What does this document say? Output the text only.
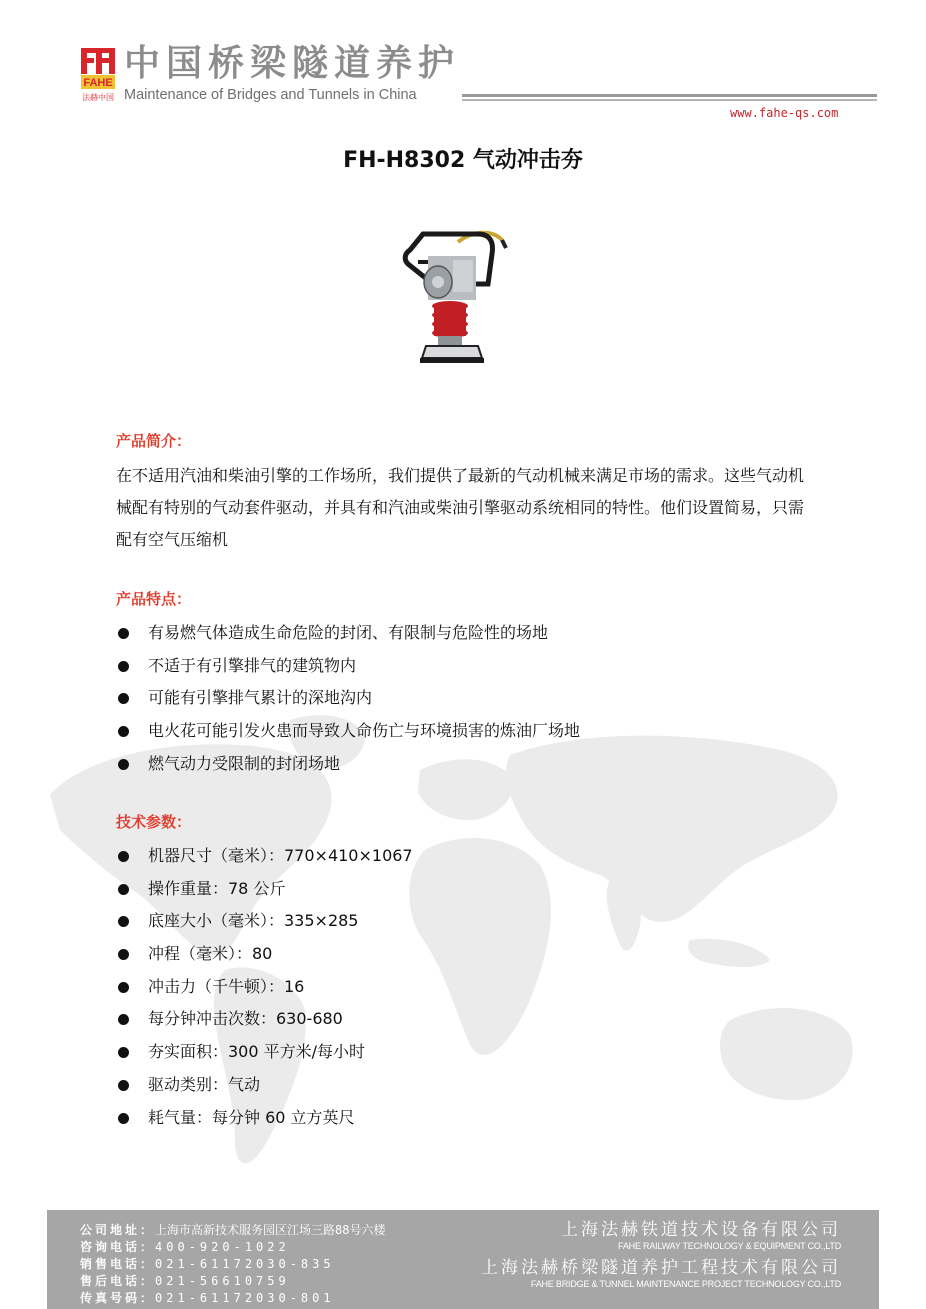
FAHE
法赫中国
中国桥梁隧道养护
Maintenance of Bridges and Tunnels in China
www.fahe-qs.com
FH-H8302 气动冲击夯
产品简介：
在不适用汽油和柴油引擎的工作场所，我们提供了最新的气动机械来满足市场的需求。这些气动机械配有特别的气动套件驱动，并具有和汽油或柴油引擎驱动系统相同的特性。他们设置简易，只需配有空气压缩机
产品特点：
有易燃气体造成生命危险的封闭、有限制与危险性的场地
不适于有引擎排气的建筑物内
可能有引擎排气累计的深地沟内
电火花可能引发火患而导致人命伤亡与环境损害的炼油厂场地
燃气动力受限制的封闭场地
技术参数：
机器尺寸（毫米）：770×410×1067
操作重量：78 公斤
底座大小（毫米）：335×285
冲程（毫米）：80
冲击力（千牛顿）：16
每分钟冲击次数：630-680
夯实面积：300 平方米/每小时
驱动类别：气动
耗气量：每分钟 60 立方英尺
公司地址：上海市高新技术服务园区江场三路88号六楼
咨询电话：400-920-1022
销售电话：021-61172030-835
售后电话：021-56610759
传真号码：021-61172030-801
上海法赫铁道技术设备有限公司
FAHE RAILWAY TECHNOLOGY & EQUIPMENT CO.,LTD
上海法赫桥梁隧道养护工程技术有限公司
FAHE BRIDGE & TUNNEL MAINTENANCE PROJECT TECHNOLOGY CO.,LTD
